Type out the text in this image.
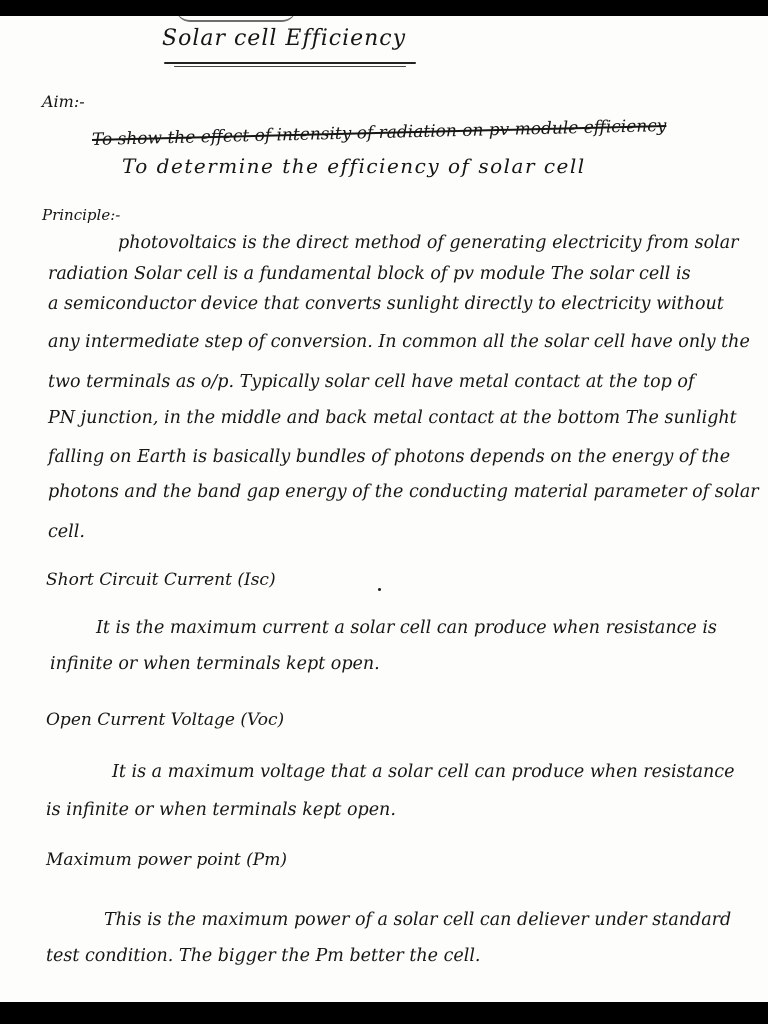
Solar cell Efficiency
Aim:-
To show the effect of intensity of radiation on pv module efficiency
To determine the efficiency of solar cell
Principle:-
photovoltaics is the direct method of generating electricity from solar
radiation Solar cell is a fundamental block of pv module The solar cell is
a semiconductor device that converts sunlight directly to electricity without
any intermediate step of conversion. In common all the solar cell have only the
two terminals as o/p. Typically solar cell have metal contact at the top of
PN junction, in the middle and back metal contact at the bottom The sunlight
falling on Earth is basically bundles of photons depends on the energy of the
photons and the band gap energy of the conducting material parameter of solar
cell.
Short Circuit Current (Isc)
It is the maximum current a solar cell can produce when resistance is
infinite or when terminals kept open.
Open Current Voltage (Voc)
It is a maximum voltage that a solar cell can produce when resistance
is infinite or when terminals kept open.
Maximum power point (Pm)
This is the maximum power of a solar cell can deliever under standard
test condition. The bigger the Pm better the cell.
